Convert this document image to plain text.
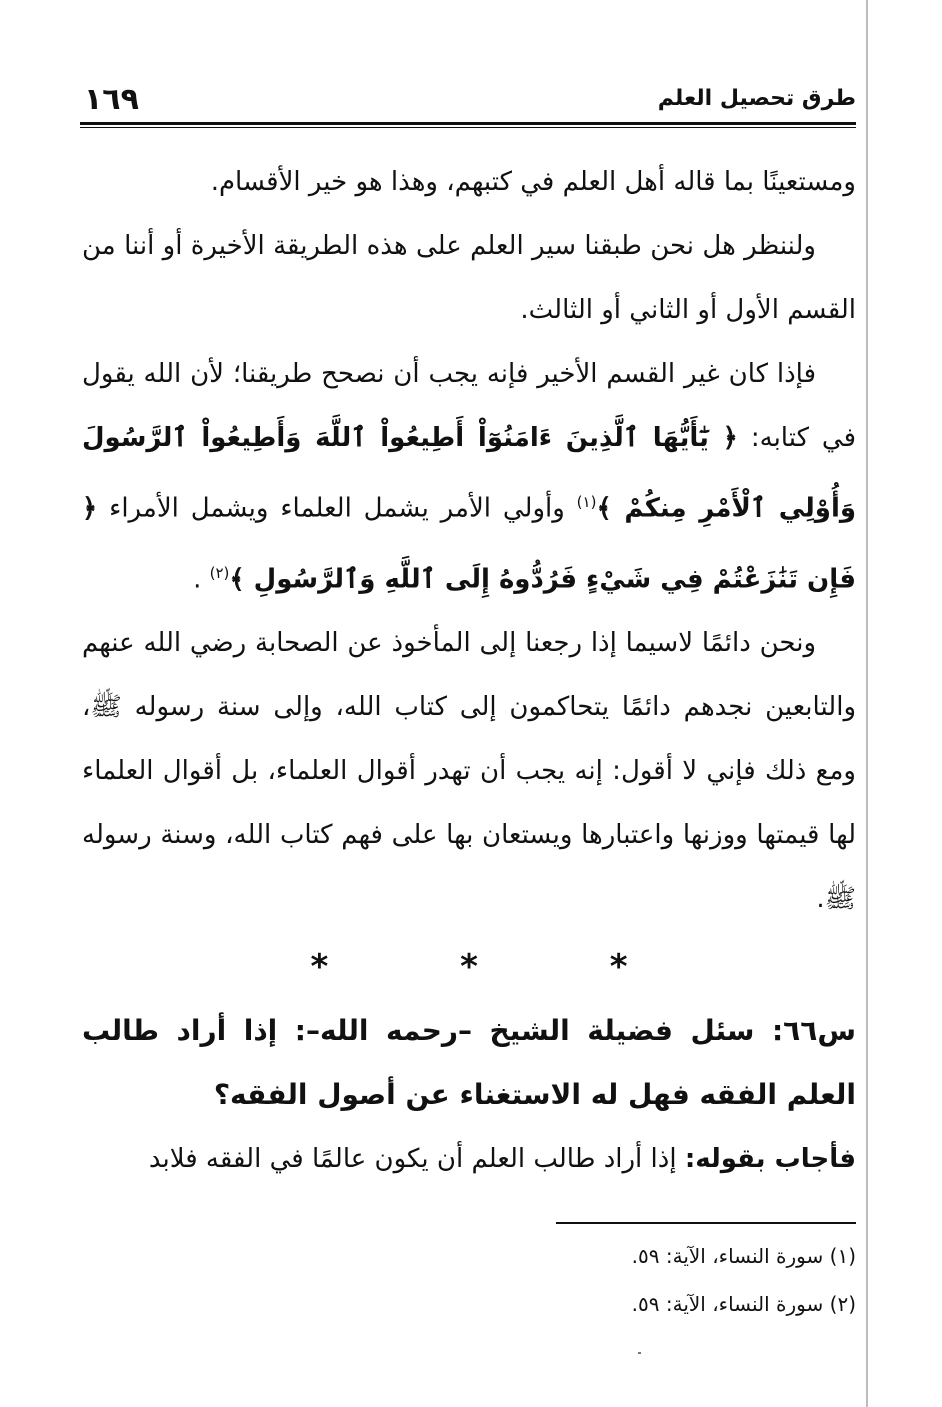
طرق تحصيل العلم
١٦٩

ومستعينًا بما قاله أهل العلم في كتبهم، وهذا هو خير الأقسام.

ولننظر هل نحن طبقنا سير العلم على هذه الطريقة الأخيرة أو أننا من القسم الأول أو الثاني أو الثالث.

فإذا كان غير القسم الأخير فإنه يجب أن نصحح طريقنا؛ لأن الله يقول في كتابه: ﴿ يَٰٓأَيُّهَا ٱلَّذِينَ ءَامَنُوٓاْ أَطِيعُواْ ٱللَّهَ وَأَطِيعُواْ ٱلرَّسُولَ وَأُوْلِي ٱلْأَمْرِ مِنكُمْ ﴾$^{(١)}$ وأولي الأمر يشمل العلماء ويشمل الأمراء ﴿ فَإِن تَنَٰزَعْتُمْ فِي شَيْءٍ فَرُدُّوهُ إِلَى ٱللَّهِ وَٱلرَّسُولِ ﴾$^{(٢)}$ .

ونحن دائمًا لاسيما إذا رجعنا إلى المأخوذ عن الصحابة رضي الله عنهم والتابعين نجدهم دائمًا يتحاكمون إلى كتاب الله، وإلى سنة رسوله ﷺ، ومع ذلك فإني لا أقول: إنه يجب أن تهدر أقوال العلماء، بل أقوال العلماء لها قيمتها ووزنها واعتبارها ويستعان بها على فهم كتاب الله، وسنة رسوله ﷺ.

* * *

س٦٦: سئل فضيلة الشيخ –رحمه الله–: إذا أراد طالب العلم الفقه فهل له الاستغناء عن أصول الفقه؟

فأجاب بقوله: إذا أراد طالب العلم أن يكون عالمًا في الفقه فلابد

(١) سورة النساء، الآية: ٥٩.

(٢) سورة النساء، الآية: ٥٩.
